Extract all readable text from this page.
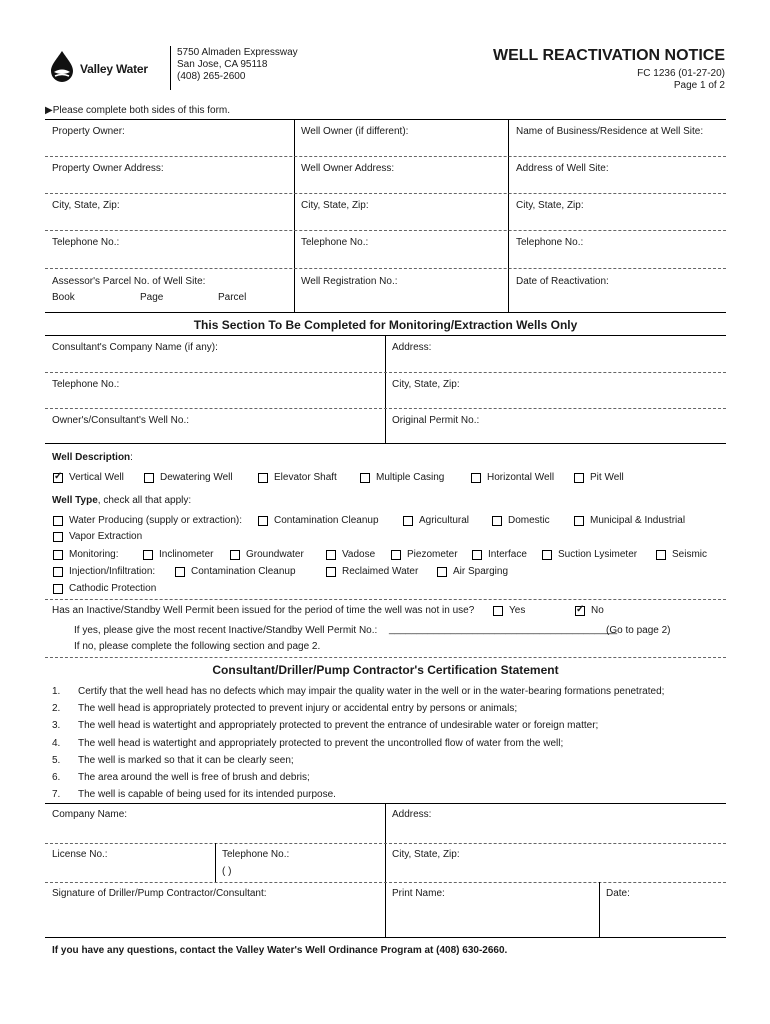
Valley Water
5750 Almaden Expressway
San Jose, CA 95118
(408) 265-2600
WELL REACTIVATION NOTICE
FC 1236 (01-27-20)
Page 1 of 2
▶Please complete both sides of this form.
Property Owner:	Well Owner (if different):	Name of Business/Residence at Well Site:
Property Owner Address:	Well Owner Address:	Address of Well Site:
City, State, Zip:	City, State, Zip:	City, State, Zip:
Telephone No.:	Telephone No.:	Telephone No.:
Assessor's Parcel No. of Well Site:	Well Registration No.:	Date of Reactivation:
Book	Page	Parcel
This Section To Be Completed for Monitoring/Extraction Wells Only
Consultant's Company Name (if any):	Address:
Telephone No.:	City, State, Zip:
Owner's/Consultant's Well No.:	Original Permit No.:
Well Description:
✓
Vertical Well	Dewatering Well	Elevator Shaft	Multiple Casing	Horizontal Well	Pit Well
Well Type, check all that apply:
Water Producing (supply or extraction):	Contamination Cleanup	Agricultural	Domestic	Municipal & Industrial
Vapor Extraction
Monitoring:	Inclinometer	Groundwater	Vadose	Piezometer	Interface	Suction Lysimeter	Seismic
Injection/Infiltration:	Contamination Cleanup	Reclaimed Water	Air Sparging
Cathodic Protection
Has an Inactive/Standby Well Permit been issued for the period of time the well was not in use?	Yes
✓	No
If yes, please give the most recent Inactive/Standby Well Permit No.: _________________________________________
(Go to page 2)
If no, please complete the following section and page 2.
Consultant/Driller/Pump Contractor's Certification Statement
1. Certify that the well head has no defects which may impair the quality water in the well or in the water-bearing formations penetrated;
2. The well head is appropriately protected to prevent injury or accidental entry by persons or animals;
3. The well head is watertight and appropriately protected to prevent the entrance of undesirable water or foreign matter;
4. The well head is watertight and appropriately protected to prevent the uncontrolled flow of water from the well;
5. The well is marked so that it can be clearly seen;
6. The area around the well is free of brush and debris;
7. The well is capable of being used for its intended purpose.
Company Name:	Address:
License No.:	Telephone No.:
( )
City, State, Zip:
Signature of Driller/Pump Contractor/Consultant:	Print Name:	Date:
If you have any questions, contact the Valley Water's Well Ordinance Program at (408) 630-2660.
